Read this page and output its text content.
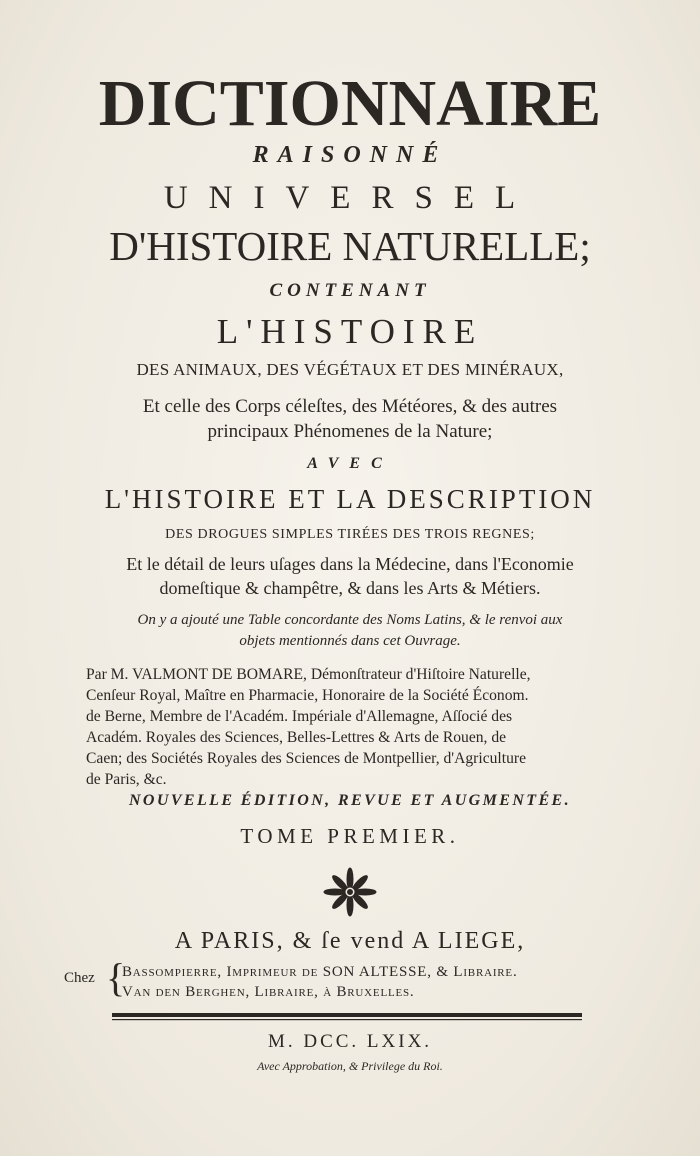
DICTIONNAIRE
RAISONNÉ
UNIVERSEL
D'HISTOIRE NATURELLE;
CONTENANT
L'HISTOIRE
DES ANIMAUX, DES VÉGÉTAUX ET DES MINÉRAUX,
Et celle des Corps céleſtes, des Météores, & des autres
principaux Phénomenes de la Nature;
AVEC
L'HISTOIRE ET LA DESCRIPTION
DES DROGUES SIMPLES TIRÉES DES TROIS REGNES;
Et le détail de leurs uſages dans la Médecine, dans l'Economie
domeſtique & champêtre, & dans les Arts & Métiers.
On y a ajouté une Table concordante des Noms Latins, & le renvoi aux
objets mentionnés dans cet Ouvrage.
Par M. VALMONT DE BOMARE, Démonſtrateur d'Hiſtoire Naturelle,
Cenſeur Royal, Maître en Pharmacie, Honoraire de la Société Économ.
de Berne, Membre de l'Académ. Impériale d'Allemagne, Aſſocié des
Académ. Royales des Sciences, Belles-Lettres & Arts de Rouen, de
Caen; des Sociétés Royales des Sciences de Montpellier, d'Agriculture
de Paris, &c.
NOUVELLE ÉDITION, REVUE ET AUGMENTÉE.
TOME PREMIER.
A PARIS, & ſe vend A LIEGE,
Chez {
Bassompierre, Imprimeur de SON ALTESSE, & Libraire.
Van den Berghen, Libraire, à Bruxelles.
M. DCC. LXIX.
Avec Approbation, & Privilege du Roi.
